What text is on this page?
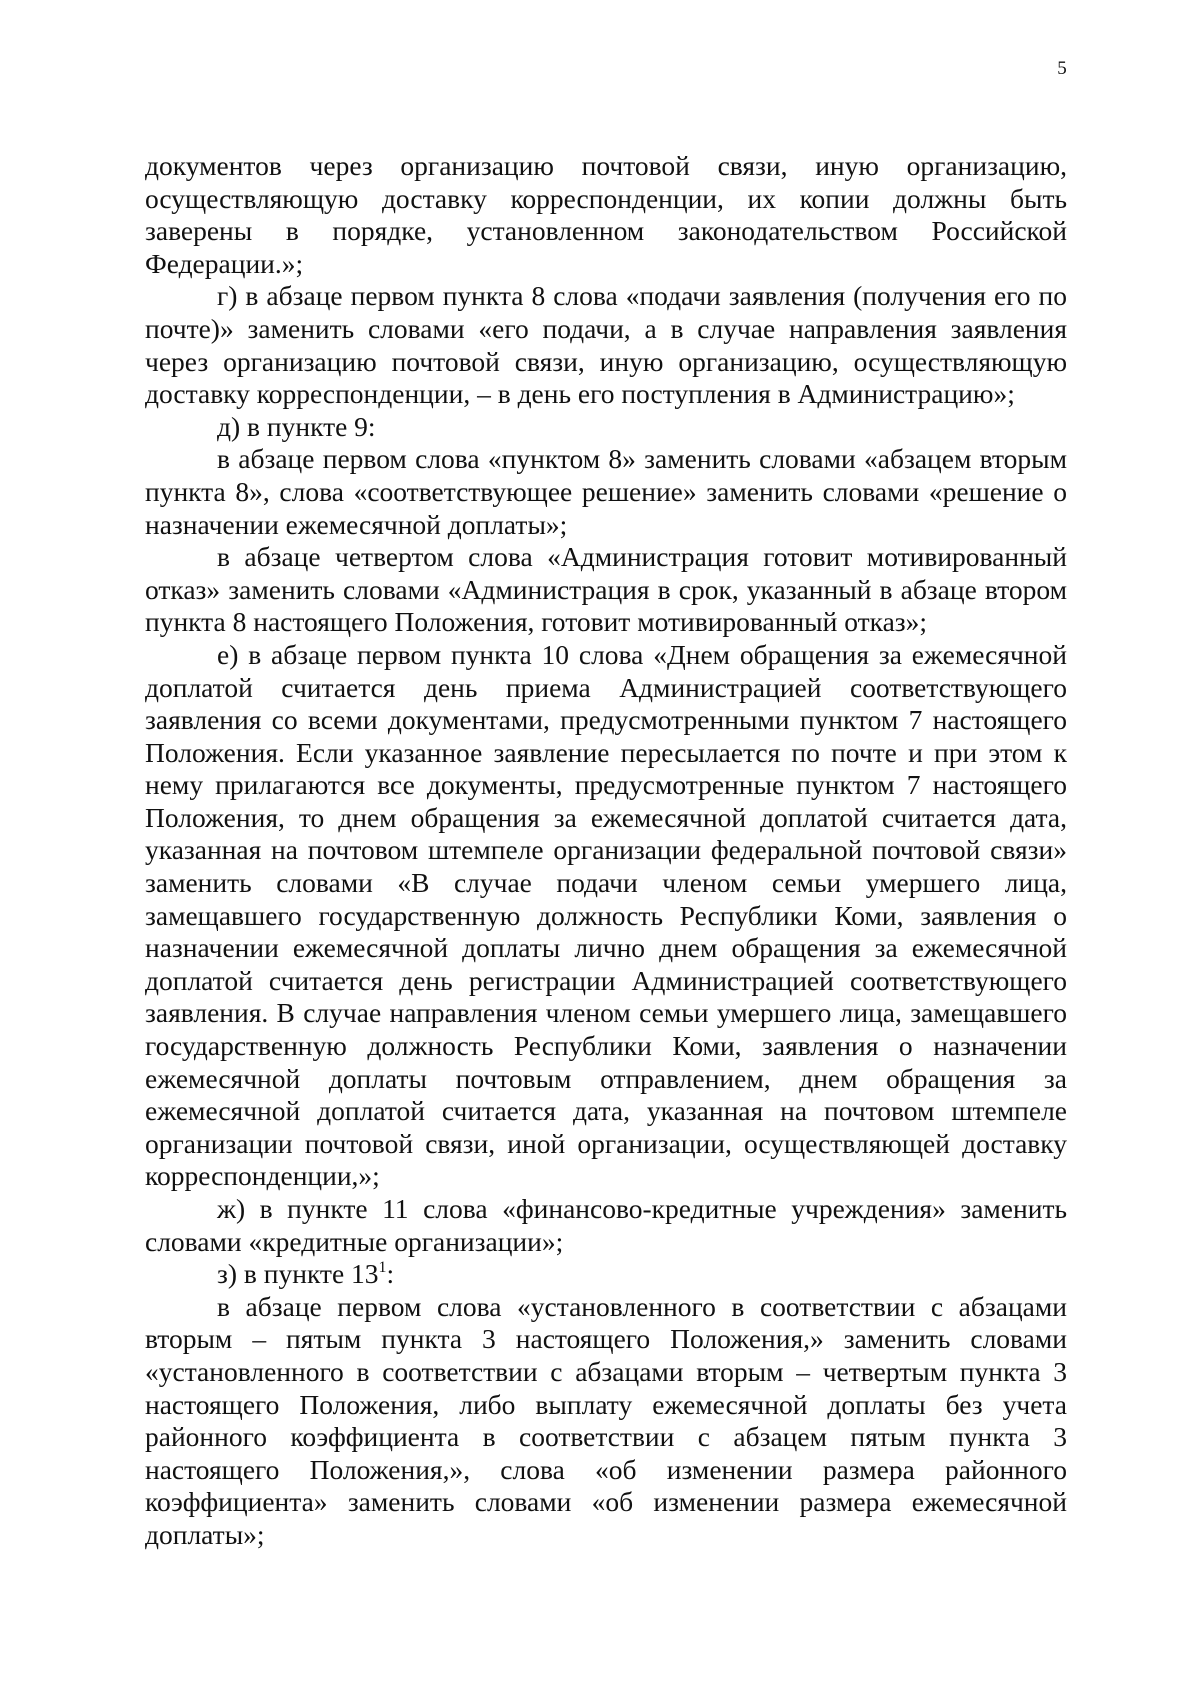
5

документов через организацию почтовой связи, иную организацию, осуществляющую доставку корреспонденции, их копии должны быть заверены в порядке, установленном законодательством Российской Федерации.»;

г) в абзаце первом пункта 8 слова «подачи заявления (получения его по почте)» заменить словами «его подачи, а в случае направления заявления через организацию почтовой связи, иную организацию, осуществляющую доставку корреспонденции, – в день его поступления в Администрацию»;

д) в пункте 9:

в абзаце первом слова «пунктом 8» заменить словами «абзацем вторым пункта 8», слова «соответствующее решение» заменить словами «решение о назначении ежемесячной доплаты»;

в абзаце четвертом слова «Администрация готовит мотивированный отказ» заменить словами «Администрация в срок, указанный в абзаце втором пункта 8 настоящего Положения, готовит мотивированный отказ»;

е) в абзаце первом пункта 10 слова «Днем обращения за ежемесячной доплатой считается день приема Администрацией соответствующего заявления со всеми документами, предусмотренными пунктом 7 настоящего Положения. Если указанное заявление пересылается по почте и при этом к нему прилагаются все документы, предусмотренные пунктом 7 настоящего Положения, то днем обращения за ежемесячной доплатой считается дата, указанная на почтовом штемпеле организации федеральной почтовой связи» заменить словами «В случае подачи членом семьи умершего лица, замещавшего государственную должность Республики Коми, заявления о назначении ежемесячной доплаты лично днем обращения за ежемесячной доплатой считается день регистрации Администрацией соответствующего заявления. В случае направления членом семьи умершего лица, замещавшего государственную должность Республики Коми, заявления о назначении ежемесячной доплаты почтовым отправлением, днем обращения за ежемесячной доплатой считается дата, указанная на почтовом штемпеле организации почтовой связи, иной организации, осуществляющей доставку корреспонденции,»;

ж) в пункте 11 слова «финансово-кредитные учреждения» заменить словами «кредитные организации»;

з) в пункте $13^1$:

в абзаце первом слова «установленного в соответствии с абзацами вторым – пятым пункта 3 настоящего Положения,» заменить словами «установленного в соответствии с абзацами вторым – четвертым пункта 3 настоящего Положения, либо выплату ежемесячной доплаты без учета районного коэффициента в соответствии с абзацем пятым пункта 3 настоящего Положения,», слова «об изменении размера районного коэффициента» заменить словами «об изменении размера ежемесячной доплаты»;
